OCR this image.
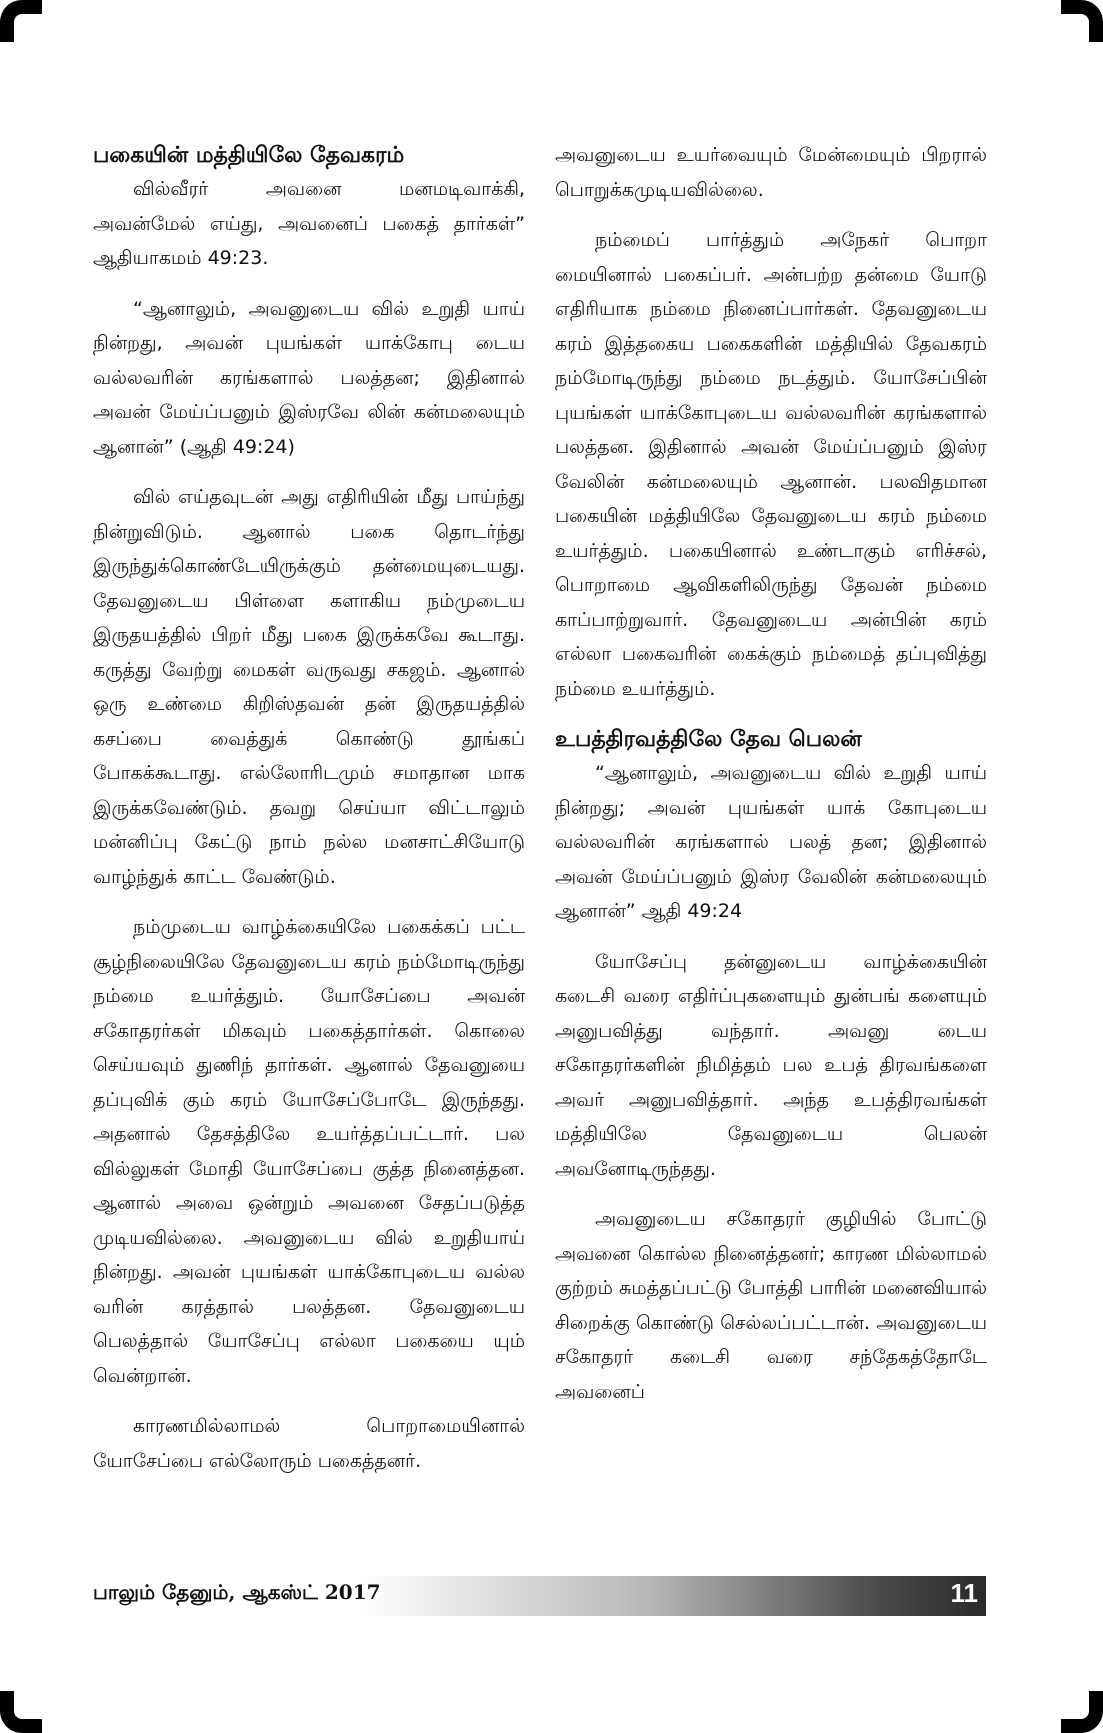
பகையின் மத்தியிலே தேவகரம்

வில்வீரர் அவனை மனமடிவாக்கி, அவன்மேல் எய்து, அவனைப் பகைத் தார்கள்” ஆதியாகமம் 49:23.

“ஆனாலும், அவனுடைய வில் உறுதி யாய் நின்றது, அவன் புயங்கள் யாக்கோபு டைய வல்லவரின் கரங்களால் பலத்தன; இதினால் அவன் மேய்ப்பனும் இஸ்ரவே லின் கன்மலையும் ஆனான்” (ஆதி 49:24)

வில் எய்தவுடன் அது எதிரியின் மீது பாய்ந்து நின்றுவிடும். ஆனால் பகை தொடர்ந்து இருந்துக்கொண்டேயிருக்கும் தன்மையுடையது. தேவனுடைய பிள்ளை களாகிய நம்முடைய இருதயத்தில் பிறர் மீது பகை இருக்கவே கூடாது. கருத்து வேற்று மைகள் வருவது சகஜம். ஆனால் ஒரு உண்மை கிறிஸ்தவன் தன் இருதயத்தில் கசப்பை வைத்துக் கொண்டு தூங்கப் போகக்கூடாது. எல்லோரிடமும் சமாதான மாக இருக்கவேண்டும். தவறு செய்யா விட்டாலும் மன்னிப்பு கேட்டு நாம் நல்ல மனசாட்சியோடு வாழ்ந்துக் காட்ட வேண்டும்.

நம்முடைய வாழ்க்கையிலே பகைக்கப் பட்ட சூழ்நிலையிலே தேவனுடைய கரம் நம்மோடிருந்து நம்மை உயர்த்தும். யோசேப்பை அவன் சகோதரர்கள் மிகவும் பகைத்தார்கள். கொலை செய்யவும் துணிந் தார்கள். ஆனால் தேவனுயை தப்புவிக் கும் கரம் யோசேப்போடே இருந்தது. அதனால் தேசத்திலே உயர்த்தப்பட்டார். பல வில்லுகள் மோதி யோசேப்பை குத்த நினைத்தன. ஆனால் அவை ஒன்றும் அவனை சேதப்படுத்த முடியவில்லை. அவனுடைய வில் உறுதியாய் நின்றது. அவன் புயங்கள் யாக்கோபுடைய வல்ல வரின் கரத்தால் பலத்தன. தேவனுடைய பெலத்தால் யோசேப்பு எல்லா பகையை யும் வென்றான்.

காரணமில்லாமல் பொறாமையினால் யோசேப்பை எல்லோரும் பகைத்தனர்.

அவனுடைய உயர்வையும் மேன்மையும் பிறரால் பொறுக்கமுடியவில்லை.

நம்மைப் பார்த்தும் அநேகர் பொறா மையினால் பகைப்பர். அன்பற்ற தன்மை யோடு எதிரியாக நம்மை நினைப்பார்கள். தேவனுடைய கரம் இத்தகைய பகைகளின் மத்தியில் தேவகரம் நம்மோடிருந்து நம்மை நடத்தும். யோசேப்பின் புயங்கள் யாக்கோபுடைய வல்லவரின் கரங்களால் பலத்தன. இதினால் அவன் மேய்ப்பனும் இஸ்ர வேலின் கன்மலையும் ஆனான். பலவிதமான பகையின் மத்தியிலே தேவனுடைய கரம் நம்மை உயர்த்தும். பகையினால் உண்டாகும் எரிச்சல், பொறாமை ஆவிகளிலிருந்து தேவன் நம்மை காப்பாற்றுவார். தேவனுடைய அன்பின் கரம் எல்லா பகைவரின் கைக்கும் நம்மைத் தப்புவித்து நம்மை உயர்த்தும்.

உபத்திரவத்திலே தேவ பெலன்

“ஆனாலும், அவனுடைய வில் உறுதி யாய் நின்றது; அவன் புயங்கள் யாக் கோபுடைய வல்லவரின் கரங்களால் பலத் தன; இதினால் அவன் மேய்ப்பனும் இஸ்ர வேலின் கன்மலையும் ஆனான்” ஆதி 49:24

யோசேப்பு தன்னுடைய வாழ்க்கையின் கடைசி வரை எதிர்ப்புகளையும் துன்பங் களையும் அனுபவித்து வந்தார். அவனு டைய சகோதரர்களின் நிமித்தம் பல உபத் திரவங்களை அவர் அனுபவித்தார். அந்த உபத்திரவங்கள் மத்தியிலே தேவனுடைய பெலன் அவனோடிருந்தது.

அவனுடைய சகோதரர் குழியில் போட்டு அவனை கொல்ல நினைத்தனர்; காரண மில்லாமல் குற்றம் சுமத்தப்பட்டு போத்தி பாரின் மனைவியால் சிறைக்கு கொண்டு செல்லப்பட்டான். அவனுடைய சகோதரர் கடைசி வரை சந்தேகத்தோடே அவனைப்

பாலும் தேனும், ஆகஸ்ட் 2017	11
